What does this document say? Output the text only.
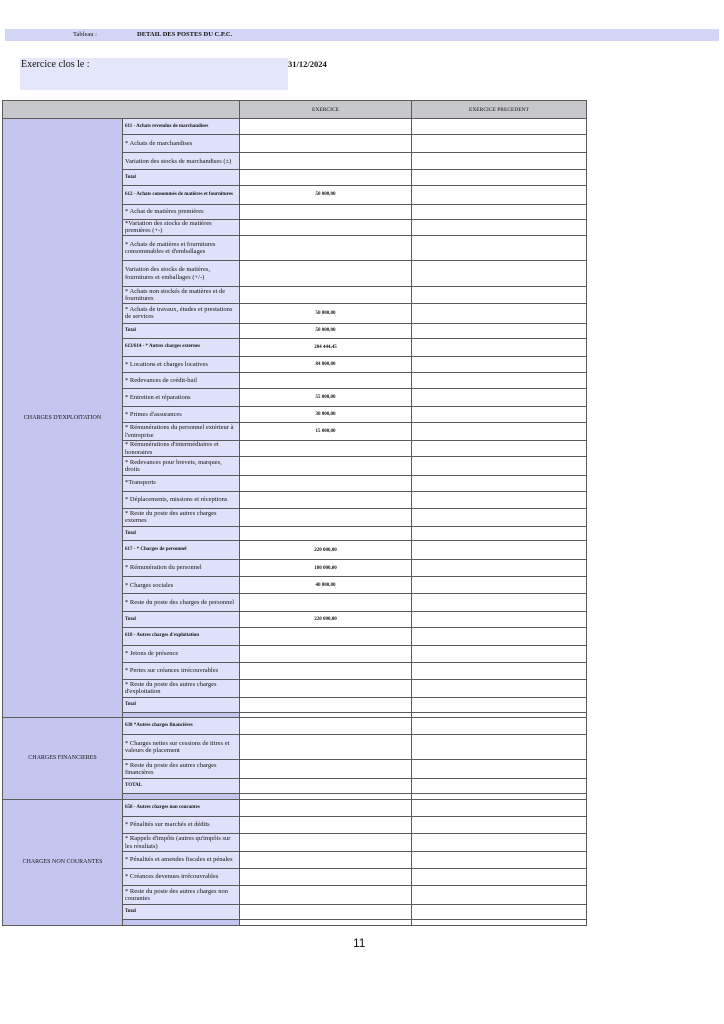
Tableau :	DETAIL DES POSTES DU C.P.C.
Exercice clos le :	31/12/2024
		EXERCICE	EXERCICE PRECEDENT
CHARGES D'EXPLOITATION	611 - Achats revendus de marchandises		
	* Achats de marchandises		
	Variation des stocks de marchandises (±)		
	Total		
	612 - Achats consommés de matières et fournitures	50 000,00	
	* Achat de matières premières		
	*Variation des stocks de matières premières (+-)		
	* Achats de matières et fournitures consommables et d'emballages		
	Variation des stocks de matières, fournitures et emballages (+/-)		
	* Achats non stockés de matières et de fournitures		
	* Achats de travaux, études et prestations de services	50 000,00	
	Total	50 000,00	
	613/614 - * Autres charges externes	204 444,45	
	* Locations et charges locatives	84 000,00	
	* Redevances de crédit-bail		
	* Entretien et réparations	55 000,00	
	* Primes d'assurances	30 000,00	
	* Rémunérations du personnel extérieur à l'entreprise	15 000,00	
	* Rémunérations d'intermédiaires et honoraires		
	* Redevances pour brevets, marques, droits		
	*Transports		
	* Déplacements, missions et réceptions		
	* Reste du poste des autres charges externes		
	Total		
	617 - * Charges de personnel	220 000,00	
	* Rémunération du personnel	180 000,00	
	* Charges sociales	40 000,00	
	* Reste du poste des charges de personnel		
	Total	220 000,00	
	618 - Autres charges d'exploitation		
	* Jetons de présence		
	* Pertes sur créances irrécouvrables		
	* Reste du poste des autres charges d'exploitation		
	Total		

CHARGES FINANCIERES	638 *Autres charges financières		
	* Charges nettes sur cessions de titres et valeurs de placement		
	* Reste du poste des autres charges financières		
	TOTAL		

CHARGES NON COURANTES	658 - Autres charges non courantes		
	* Pénalités sur marchés et dédits		
	* Rappels d'impôts (autres qu'impôts sur les résultats)		
	* Pénalités et amendes fiscales et pénales		
	* Créances devenues irrécouvrables		
	* Reste du poste des autres charges non courantes		
	Total		

11
